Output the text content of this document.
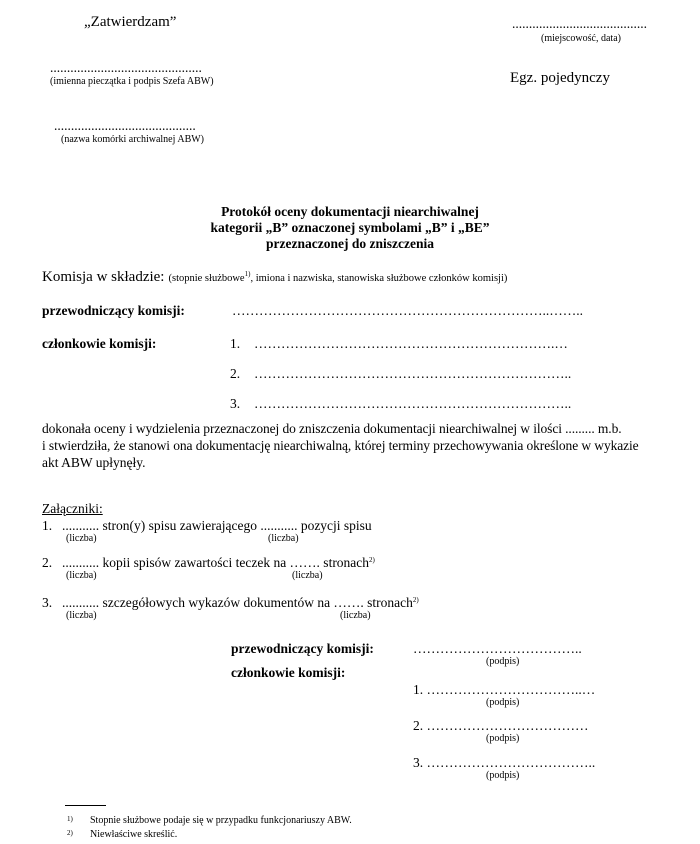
„Zatwierdzam”	........................................
(miejscowość, data)
.............................................
(imienna pieczątka i podpis Szefa ABW)	Egz. pojedynczy
..........................................
(nazwa komórki archiwalnej ABW)
Protokół oceny dokumentacji niearchiwalnej
kategorii „B” oznaczonej symbolami „B” i „BE”
przeznaczonej do zniszczenia
Komisja w składzie: (stopnie służbowe$^{1)}$, imiona i nazwiska, stanowiska służbowe członków komisji)
przewodniczący komisji:	……………………………………………………………..……..
członkowie komisji:	1. ………………………………………………………….…
2. ……………………………………………………………..
3. ……………………………………………………………..
dokonała oceny i wydzielenia przeznaczonej do zniszczenia dokumentacji niearchiwalnej w ilości ......... m.b.
i stwierdziła, że stanowi ona dokumentację niearchiwalną, której terminy przechowywania określone w wykazie
akt ABW upłynęły.
Załączniki:
1. ........... stron(y) spisu zawierającego ........... pozycji spisu
(liczba)	(liczba)
2. ........... kopii spisów zawartości teczek na ……. stronach$^{2)}$
(liczba)	(liczba)
3. ........... szczegółowych wykazów dokumentów na ……. stronach$^{2)}$
(liczba)	(liczba)
przewodniczący komisji:	………………………………..
(podpis)
członkowie komisji:
1. ……………………………..…
(podpis)
2. ………………………………
(podpis)
3. ………………………………..
(podpis)
1) Stopnie służbowe podaje się w przypadku funkcjonariuszy ABW.
2) Niewłaściwe skreślić.
